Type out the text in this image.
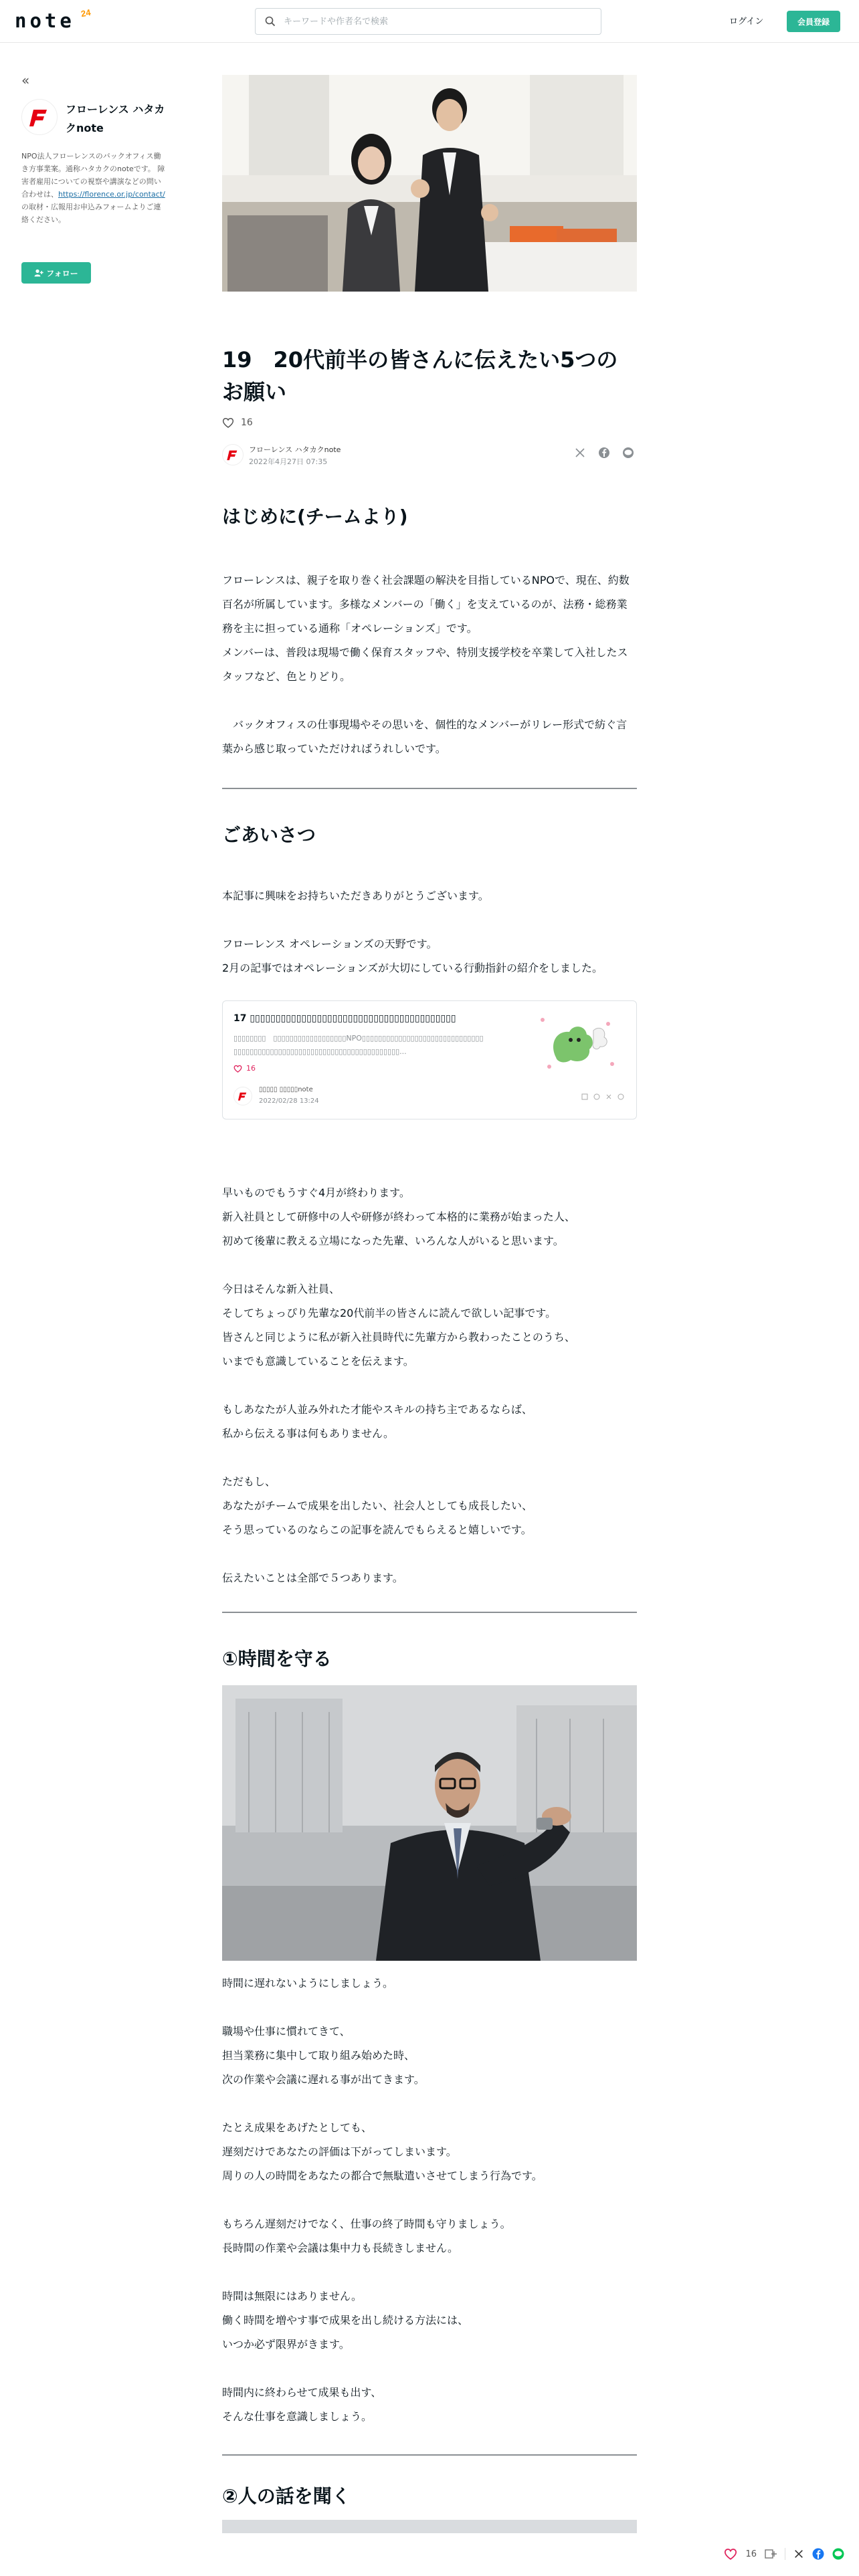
note 24
キーワードや作者名で検索
ログイン	会員登録
«
フローレンス ハタカクnote
NPO法人フローレンスのバックオフィス働き方事業案。通称ハタカクのnoteです。 障害者雇用についての視察や講演などの問い合わせは、https://florence.or.jp/contact/の取材・広報用お申込みフォームよりご連絡ください。
フォロー
19　20代前半の皆さんに伝えたい5つのお願い
16
フローレンス ハタカクnote
2022年4月27日 07:35
はじめに(チームより)

フローレンスは、親子を取り巻く社会課題の解決を目指しているNPOで、現在、約数百名が所属しています。多様なメンバーの「働く」を支えているのが、法務・総務業務を主に担っている通称「オペレーションズ」です。
メンバーは、普段は現場で働く保育スタッフや、特別支援学校を卒業して入社したスタッフなど、色とりどり。

　バックオフィスの仕事現場やその思いを、個性的なメンバーがリレー形式で紡ぐ言葉から感じ取っていただければうれしいです。

ごあいさつ

本記事に興味をお持ちいただきありがとうございます。

フローレンス オペレーションズの天野です。
2月の記事ではオペレーションズが大切にしている行動指針の紹介をしました。

17 ▯▯▯▯▯▯▯▯▯▯▯▯▯▯▯▯▯▯▯▯▯▯▯▯▯▯▯▯▯▯▯▯▯▯▯▯▯▯▯▯
▯▯▯▯▯▯▯▯　▯▯▯▯▯▯▯▯▯▯▯▯▯▯▯▯▯▯NPO▯▯▯▯▯▯▯▯▯▯▯▯▯▯▯▯▯▯▯▯▯▯▯▯▯▯▯▯▯▯ ▯▯▯▯▯▯▯▯▯▯▯▯▯▯▯▯▯▯▯▯▯▯▯▯▯▯▯▯▯▯▯▯▯▯▯▯▯▯▯▯▯...
16
▯▯▯▯▯ ▯▯▯▯▯note
2022/02/28 13:24

早いものでもうすぐ4月が終わります。
新入社員として研修中の人や研修が終わって本格的に業務が始まった人、
初めて後輩に教える立場になった先輩、いろんな人がいると思います。

今日はそんな新入社員、
そしてちょっぴり先輩な20代前半の皆さんに読んで欲しい記事です。
皆さんと同じように私が新入社員時代に先輩方から教わったことのうち、
いまでも意識していることを伝えます。

もしあなたが人並み外れた才能やスキルの持ち主であるならば、
私から伝える事は何もありません。

ただもし、
あなたがチームで成果を出したい、社会人としても成長したい、
そう思っているのならこの記事を読んでもらえると嬉しいです。

伝えたいことは全部で５つあります。

①時間を守る

時間に遅れないようにしましょう。

職場や仕事に慣れてきて、
担当業務に集中して取り組み始めた時、
次の作業や会議に遅れる事が出てきます。

たとえ成果をあげたとしても、
遅刻だけであなたの評価は下がってしまいます。
周りの人の時間をあなたの都合で無駄遣いさせてしまう行為です。

もちろん遅刻だけでなく、仕事の終了時間も守りましょう。
長時間の作業や会議は集中力も長続きしません。

時間は無限にはありません。
働く時間を増やす事で成果を出し続ける方法には、
いつか必ず限界がきます。

時間内に終わらせて成果も出す、
そんな仕事を意識しましょう。

②人の話を聞く
16
